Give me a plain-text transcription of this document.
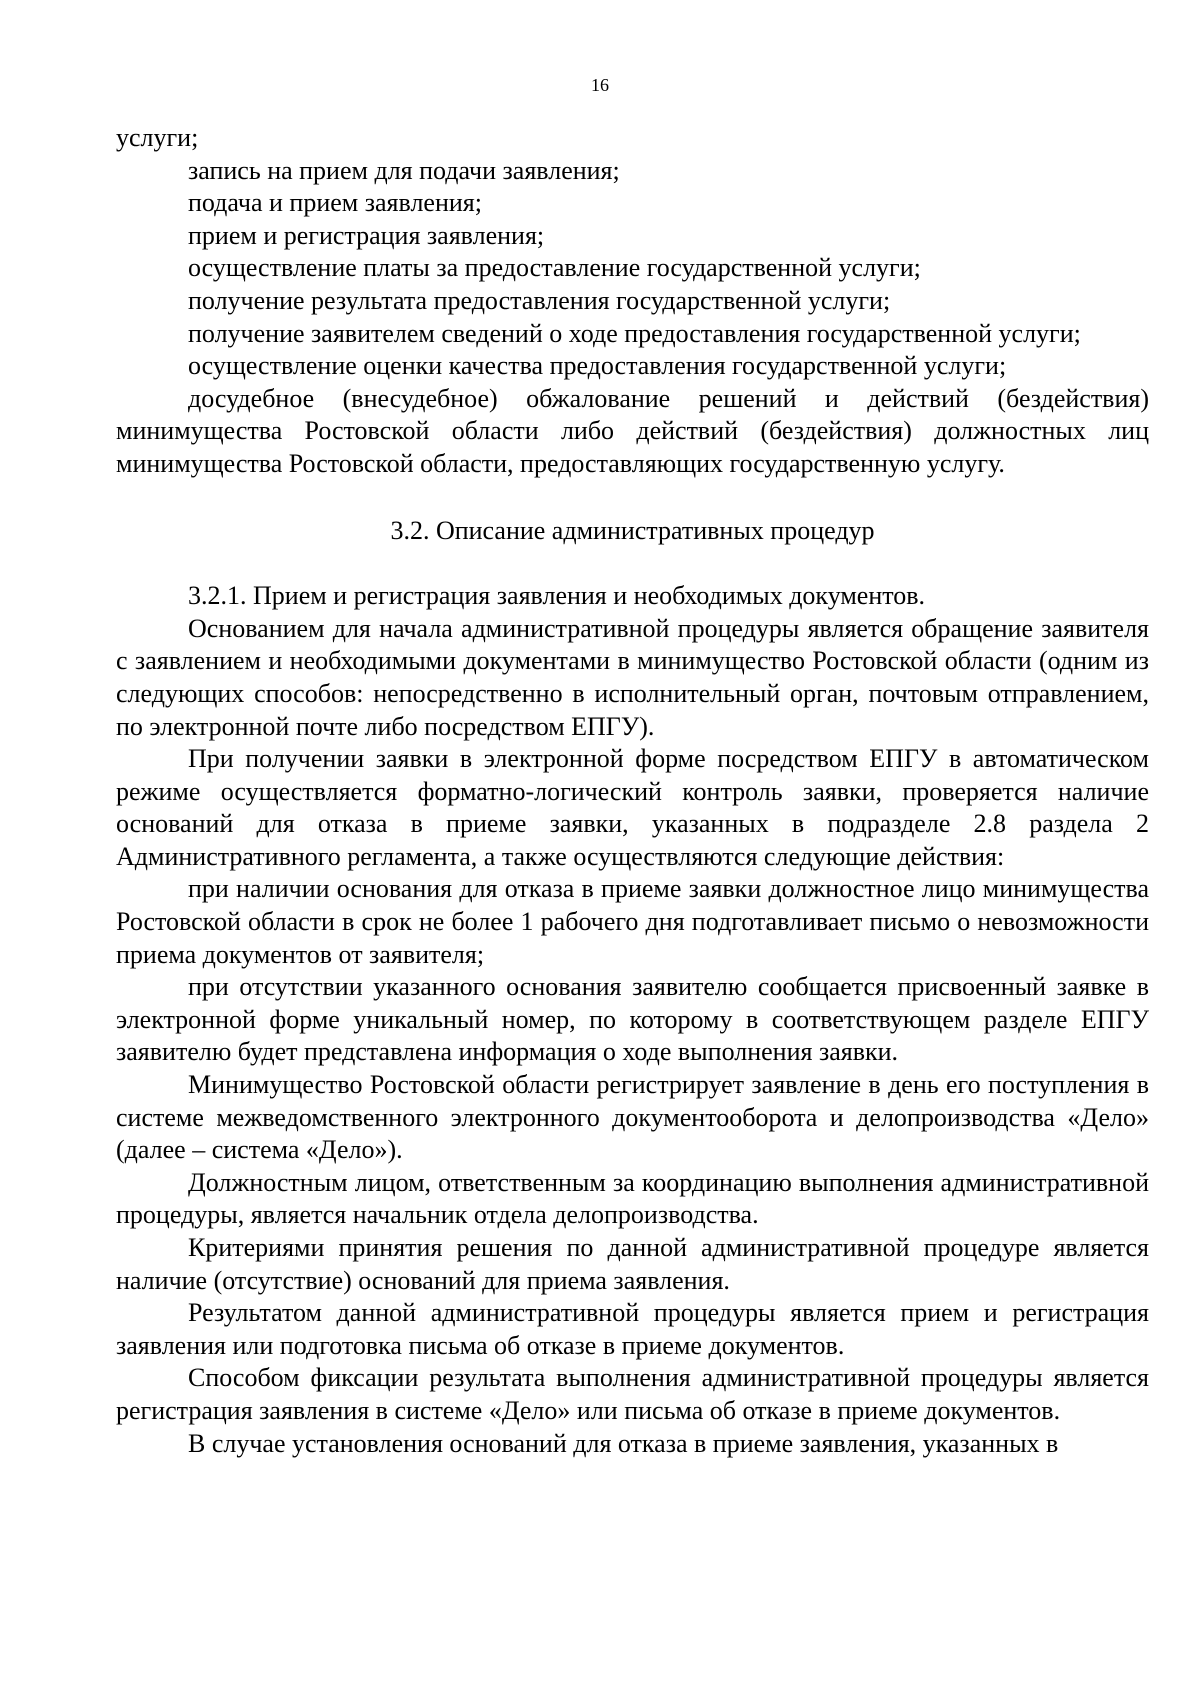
16

услуги;

запись на прием для подачи заявления;

подача и прием заявления;

прием и регистрация заявления;

осуществление платы за предоставление государственной услуги;

получение результата предоставления государственной услуги;

получение заявителем сведений о ходе предоставления государственной услуги;

осуществление оценки качества предоставления государственной услуги;

досудебное (внесудебное) обжалование решений и действий (бездействия) минимущества Ростовской области либо действий (бездействия) должностных лиц минимущества Ростовской области, предоставляющих государственную услугу.

3.2. Описание административных процедур

3.2.1. Прием и регистрация заявления и необходимых документов.

Основанием для начала административной процедуры является обращение заявителя с заявлением и необходимыми документами в минимущество Ростовской области (одним из следующих способов: непосредственно в исполнительный орган, почтовым отправлением, по электронной почте либо посредством ЕПГУ).

При получении заявки в электронной форме посредством ЕПГУ в автоматическом режиме осуществляется форматно-логический контроль заявки, проверяется наличие оснований для отказа в приеме заявки, указанных в подразделе 2.8 раздела 2 Административного регламента, а также осуществляются следующие действия:

при наличии основания для отказа в приеме заявки должностное лицо минимущества Ростовской области в срок не более 1 рабочего дня подготавливает письмо о невозможности приема документов от заявителя;

при отсутствии указанного основания заявителю сообщается присвоенный заявке в электронной форме уникальный номер, по которому в соответствующем разделе ЕПГУ заявителю будет представлена информация о ходе выполнения заявки.

Минимущество Ростовской области регистрирует заявление в день его поступления в системе межведомственного электронного документооборота и делопроизводства «Дело» (далее – система «Дело»).

Должностным лицом, ответственным за координацию выполнения административной процедуры, является начальник отдела делопроизводства.

Критериями принятия решения по данной административной процедуре является наличие (отсутствие) оснований для приема заявления.

Результатом данной административной процедуры является прием и регистрация заявления или подготовка письма об отказе в приеме документов.

Способом фиксации результата выполнения административной процедуры является регистрация заявления в системе «Дело» или письма об отказе в приеме документов.

В случае установления оснований для отказа в приеме заявления, указанных в
